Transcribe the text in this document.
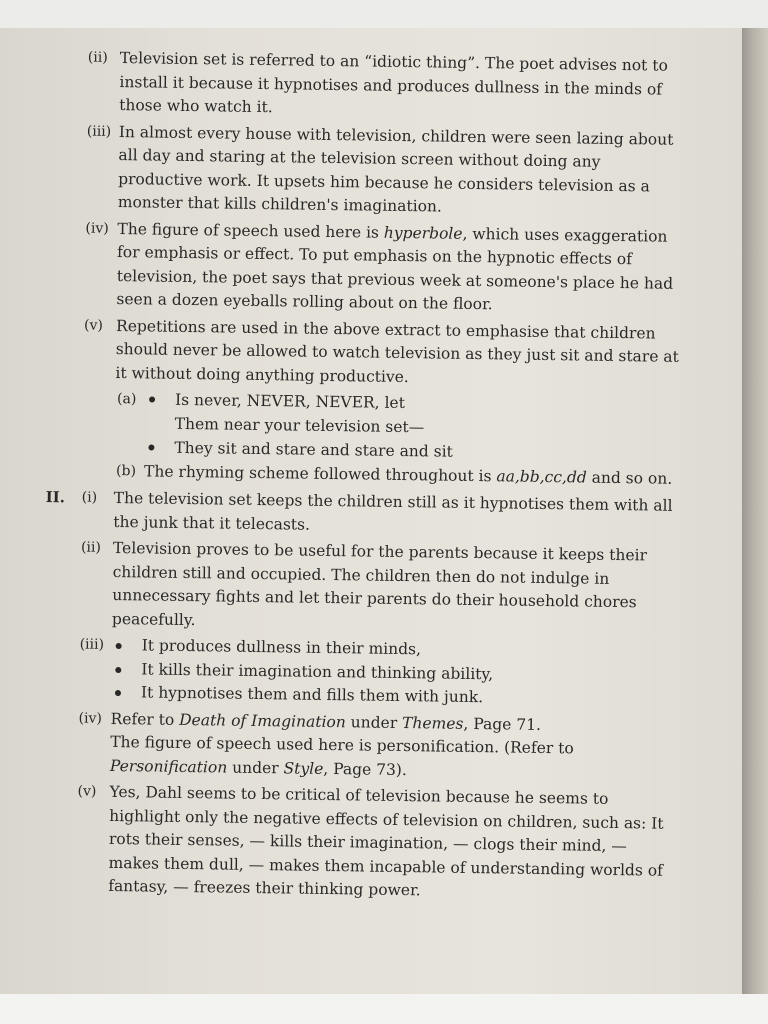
(ii) Television set is referred to an “idiotic thing”. The poet advises not to install it because it hypnotises and produces dullness in the minds of those who watch it.
(iii) In almost every house with television, children were seen lazing about all day and staring at the television screen without doing any productive work. It upsets him because he considers television as a monster that kills children's imagination.
(iv) The figure of speech used here is hyperbole, which uses exaggeration for emphasis or effect. To put emphasis on the hypnotic effects of television, the poet says that previous week at someone's place he had seen a dozen eyeballs rolling about on the floor.
(v) Repetitions are used in the above extract to emphasise that children should never be allowed to watch television as they just sit and stare at it without doing anything productive.
(a)	Is never, NEVER, NEVER, let
Them near your television set—
They sit and stare and stare and sit
(b) The rhyming scheme followed throughout is aa,bb,cc,dd and so on.
II. (i) The television set keeps the children still as it hypnotises them with all the junk that it telecasts.
(ii) Television proves to be useful for the parents because it keeps their children still and occupied. The children then do not indulge in unnecessary fights and let their parents do their household chores peacefully.
(iii)	It produces dullness in their minds,
It kills their imagination and thinking ability,
It hypnotises them and fills them with junk.
(iv) Refer to Death of Imagination under Themes, Page 71.
The figure of speech used here is personification. (Refer to Personification under Style, Page 73).
(v) Yes, Dahl seems to be critical of television because he seems to highlight only the negative effects of television on children, such as: It rots their senses, — kills their imagination, — clogs their mind, — makes them dull, — makes them incapable of understanding worlds of fantasy, — freezes their thinking power.
